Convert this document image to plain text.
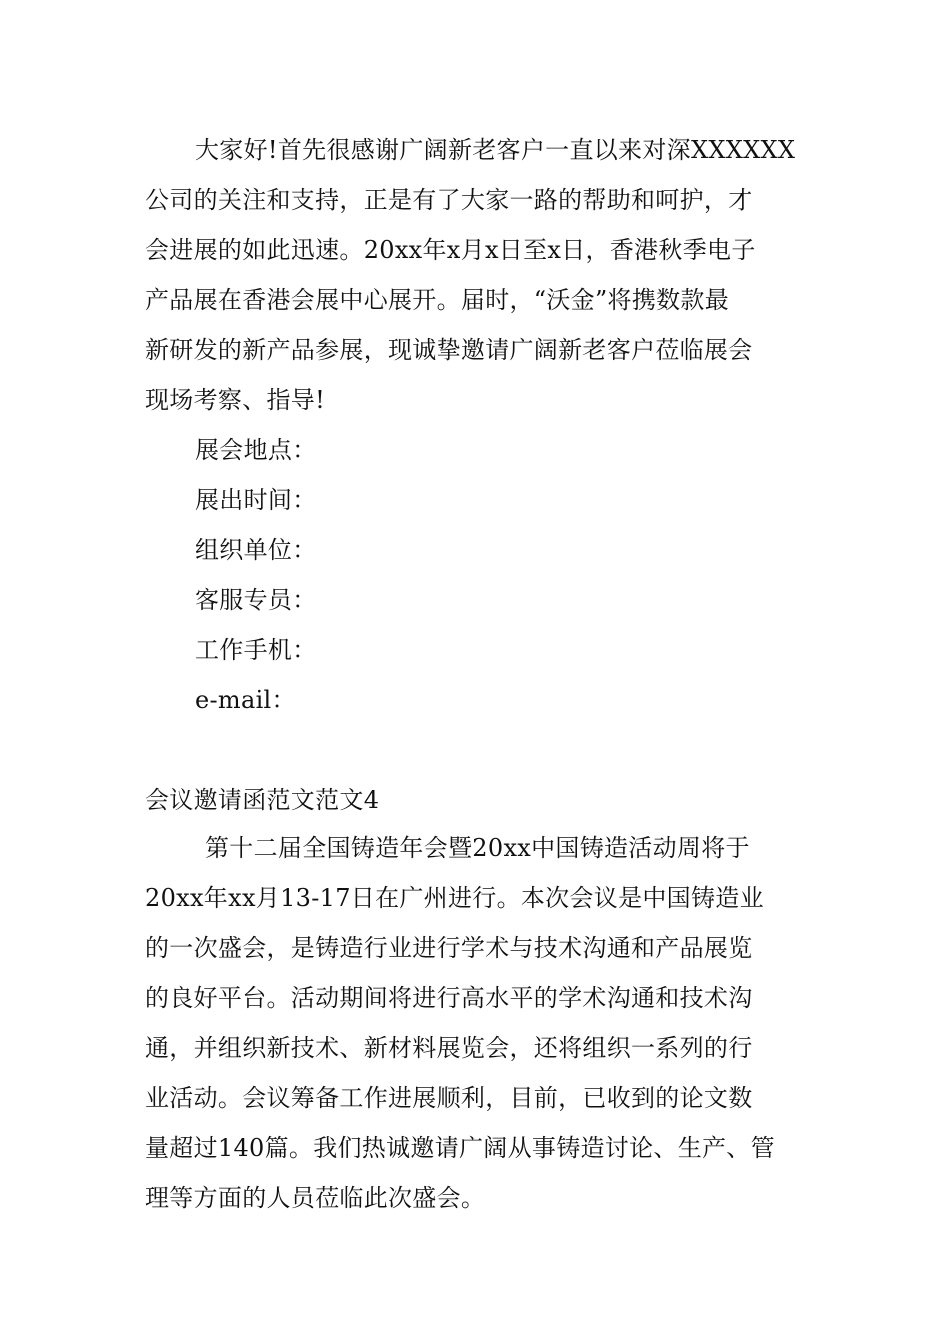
大家好!首先很感谢广阔新老客户一直以来对深XXXXXX
公司的关注和支持，正是有了大家一路的帮助和呵护，才
会进展的如此迅速。20xx年x月x日至x日，香港秋季电子
产品展在香港会展中心展开。届时，“沃金”将携数款最
新研发的新产品参展，现诚挚邀请广阔新老客户莅临展会
现场考察、指导!
展会地点：
展出时间：
组织单位：
客服专员：
工作手机：
e-mail：
会议邀请函范文范文4
第十二届全国铸造年会暨20xx中国铸造活动周将于
20xx年xx月13-17日在广州进行。本次会议是中国铸造业
的一次盛会，是铸造行业进行学术与技术沟通和产品展览
的良好平台。活动期间将进行高水平的学术沟通和技术沟
通，并组织新技术、新材料展览会，还将组织一系列的行
业活动。会议筹备工作进展顺利，目前，已收到的论文数
量超过140篇。我们热诚邀请广阔从事铸造讨论、生产、管
理等方面的人员莅临此次盛会。
